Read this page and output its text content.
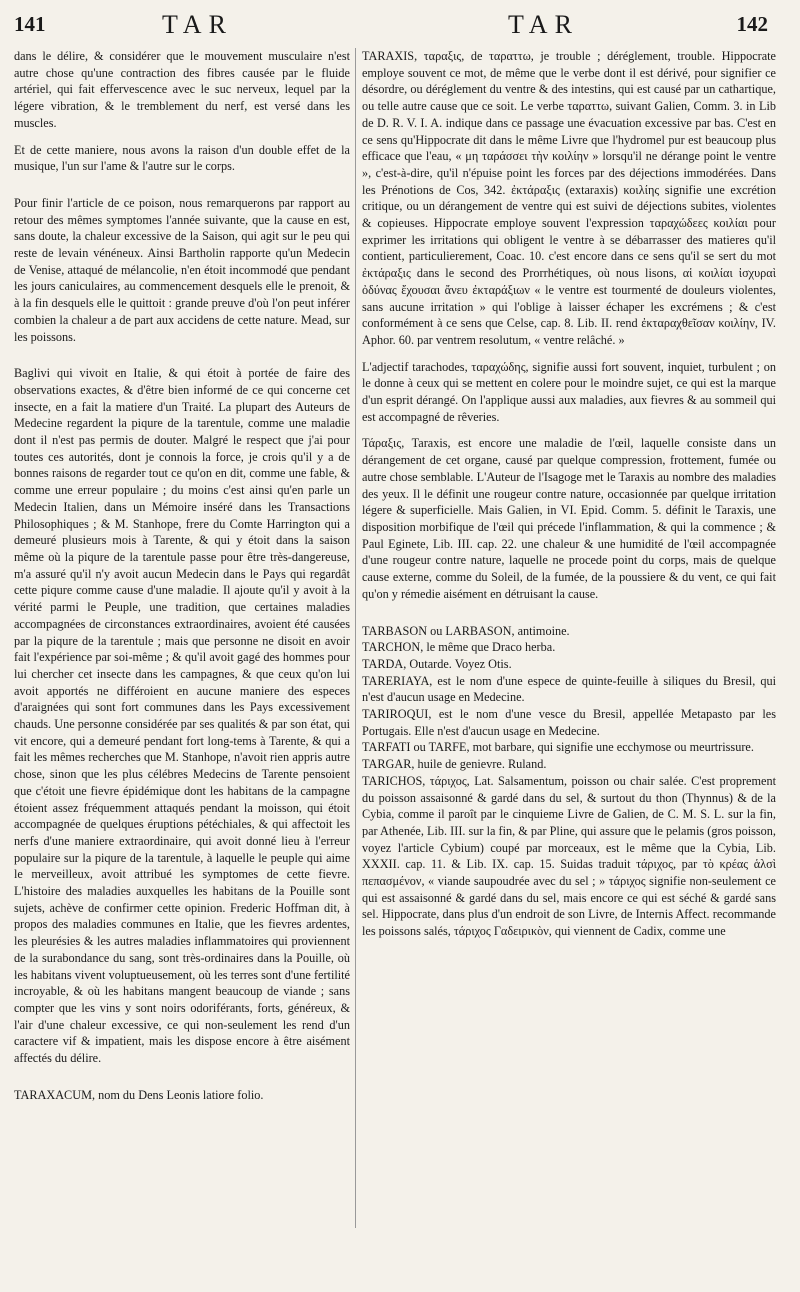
141	TAR	TAR	142

dans le délire, & considérer que le mouvement musculaire n'est autre chose qu'une contraction des fibres causée par le fluide artériel, qui fait effervescence avec le suc nerveux, lequel par la légere vibration, & le tremblement du nerf, est versé dans les muscles.

Et de cette maniere, nous avons la raison d'un double effet de la musique, l'un sur l'ame & l'autre sur le corps.

Pour finir l'article de ce poison, nous remarquerons par rapport au retour des mêmes symptomes l'année suivante, que la cause en est, sans doute, la chaleur excessive de la Saison, qui agit sur le peu qui reste de levain vénéneux. Ainsi Bartholin rapporte qu'un Medecin de Venise, attaqué de mélancolie, n'en étoit incommodé que pendant les jours caniculaires, au commencement desquels elle le prenoit, & à la fin desquels elle le quittoit : grande preuve d'où l'on peut inférer combien la chaleur a de part aux accidens de cette nature. Mead, sur les poissons.

Baglivi qui vivoit en Italie, & qui étoit à portée de faire des observations exactes, & d'être bien informé de ce qui concerne cet insecte, en a fait la matiere d'un Traité. La plupart des Auteurs de Medecine regardent la piqure de la tarentule, comme une maladie dont il n'est pas permis de douter. Malgré le respect que j'ai pour toutes ces autorités, dont je connois la force, je crois qu'il y a de bonnes raisons de regarder tout ce qu'on en dit, comme une fable, & comme une erreur populaire ; du moins c'est ainsi qu'en parle un Medecin Italien, dans un Mémoire inséré dans les Transactions Philosophiques ; & M. Stanhope, frere du Comte Harrington qui a demeuré plusieurs mois à Tarente, & qui y étoit dans la saison même où la piqure de la tarentule passe pour être très-dangereuse, m'a assuré qu'il n'y avoit aucun Medecin dans le Pays qui regardât cette piqure comme cause d'une maladie. Il ajoute qu'il y avoit à la vérité parmi le Peuple, une tradition, que certaines maladies accompagnées de circonstances extraordinaires, avoient été causées par la piqure de la tarentule ; mais que personne ne disoit en avoir fait l'expérience par soi-même ; & qu'il avoit gagé des hommes pour lui chercher cet insecte dans les campagnes, & que ceux qu'on lui avoit apportés ne différoient en aucune maniere des especes d'araignées qui sont fort communes dans les Pays excessivement chauds. Une personne considérée par ses qualités & par son état, qui vit encore, qui a demeuré pendant fort long-tems à Tarente, & qui a fait les mêmes recherches que M. Stanhope, n'avoit rien appris autre chose, sinon que les plus célébres Medecins de Tarente pensoient que c'étoit une fievre épidémique dont les habitans de la campagne étoient assez fréquemment attaqués pendant la moisson, qui étoit accompagnée de quelques éruptions pétéchiales, & qui affectoit les nerfs d'une maniere extraordinaire, qui avoit donné lieu à l'erreur populaire sur la piqure de la tarentule, à laquelle le peuple qui aime le merveilleux, avoit attribué les symptomes de cette fievre. L'histoire des maladies auxquelles les habitans de la Pouille sont sujets, achève de confirmer cette opinion. Frederic Hoffman dit, à propos des maladies communes en Italie, que les fievres ardentes, les pleurésies & les autres maladies inflammatoires qui proviennent de la surabondance du sang, sont très-ordinaires dans la Pouille, où les habitans vivent voluptueusement, où les terres sont d'une fertilité incroyable, & où les habitans mangent beaucoup de viande ; sans compter que les vins y sont noirs odoriférants, forts, généreux, & l'air d'une chaleur excessive, ce qui non-seulement les rend d'un caractere vif & impatient, mais les dispose encore à être aisément affectés du délire.

TARAXACUM, nom du Dens Leonis latiore folio.

TARAXIS, ταραξις, de ταραττω, je trouble ; déréglement, trouble. Hippocrate employe souvent ce mot, de même que le verbe dont il est dérivé, pour signifier ce désordre, ou déréglement du ventre & des intestins, qui est causé par un cathartique, ou telle autre cause que ce soit. Le verbe ταραττω, suivant Galien, Comm. 3. in Lib de D. R. V. I. A. indique dans ce passage une évacuation excessive par bas. C'est en ce sens qu'Hippocrate dit dans le même Livre que l'hydromel pur est beaucoup plus efficace que l'eau, « μη ταράσσει τὴν κοιλίην » lorsqu'il ne dérange point le ventre », c'est-à-dire, qu'il n'épuise point les forces par des déjections immodérées. Dans les Prénotions de Cos, 342. ἐκτάραξις (extaraxis) κοιλίης signifie une excrétion critique, ou un dérangement de ventre qui est suivi de déjections subites, violentes & copieuses. Hippocrate employe souvent l'expression ταραχώδεες κοιλίαι pour exprimer les irritations qui obligent le ventre à se débarrasser des matieres qu'il contient, particulierement, Coac. 10. c'est encore dans ce sens qu'il se sert du mot ἐκτάραξις dans le second des Prorrhétiques, où nous lisons, αἱ κοιλίαι ἰσχυραὶ ὀδύνας ἔχουσαι ἄνευ ἐκταράξιων « le ventre est tourmenté de douleurs violentes, sans aucune irritation » qui l'oblige à laisser échaper les excrémens ; & c'est conformément à ce sens que Celse, cap. 8. Lib. II. rend ἐκταραχθεῖσαν κοιλίην, IV. Aphor. 60. par ventrem resolutum, « ventre relâché. »

L'adjectif tarachodes, ταραχώδης, signifie aussi fort souvent, inquiet, turbulent ; on le donne à ceux qui se mettent en colere pour le moindre sujet, ce qui est la marque d'un esprit dérangé. On l'applique aussi aux maladies, aux fievres & au sommeil qui est accompagné de rêveries.

Τάραξις, Taraxis, est encore une maladie de l'œil, laquelle consiste dans un dérangement de cet organe, causé par quelque compression, frottement, fumée ou autre chose semblable. L'Auteur de l'Isagoge met le Taraxis au nombre des maladies des yeux. Il le définit une rougeur contre nature, occasionnée par quelque irritation légere & superficielle. Mais Galien, in VI. Epid. Comm. 5. définit le Taraxis, une disposition morbifique de l'œil qui précede l'inflammation, & qui la commence ; & Paul Eginete, Lib. III. cap. 22. une chaleur & une humidité de l'œil accompagnée d'une rougeur contre nature, laquelle ne procede point du corps, mais de quelque cause externe, comme du Soleil, de la fumée, de la poussiere & du vent, ce qui fait qu'on y rémedie aisément en détruisant la cause.

TARBASON ou LARBASON, antimoine.

TARCHON, le même que Draco herba.

TARDA, Outarde. Voyez Otis.

TARERIAYA, est le nom d'une espece de quinte-feuille à siliques du Bresil, qui n'est d'aucun usage en Medecine.

TARIROQUI, est le nom d'une vesce du Bresil, appellée Metapasto par les Portugais. Elle n'est d'aucun usage en Medecine.

TARFATI ou TARFE, mot barbare, qui signifie une ecchymose ou meurtrissure.

TARGAR, huile de genievre. Ruland.

TARICHOS, τάριχος, Lat. Salsamentum, poisson ou chair salée. C'est proprement du poisson assaisonné & gardé dans du sel, & surtout du thon (Thynnus) & de la Cybia, comme il paroît par le cinquieme Livre de Galien, de C. M. S. L. sur la fin, par Athenée, Lib. III. sur la fin, & par Pline, qui assure que le pelamis (gros poisson, voyez l'article Cybium) coupé par morceaux, est le même que la Cybia, Lib. XXXII. cap. 11. & Lib. IX. cap. 15. Suidas traduit τάριχος, par τὸ κρέας ἁλσὶ πεπασμένον, « viande saupoudrée avec du sel ; » τάριχος signifie non-seulement ce qui est assaisonné & gardé dans du sel, mais encore ce qui est séché & gardé sans sel. Hippocrate, dans plus d'un endroit de son Livre, de Internis Affect. recommande les poissons salés, τάριχος Γαδειρικὸν, qui viennent de Cadix, comme une
